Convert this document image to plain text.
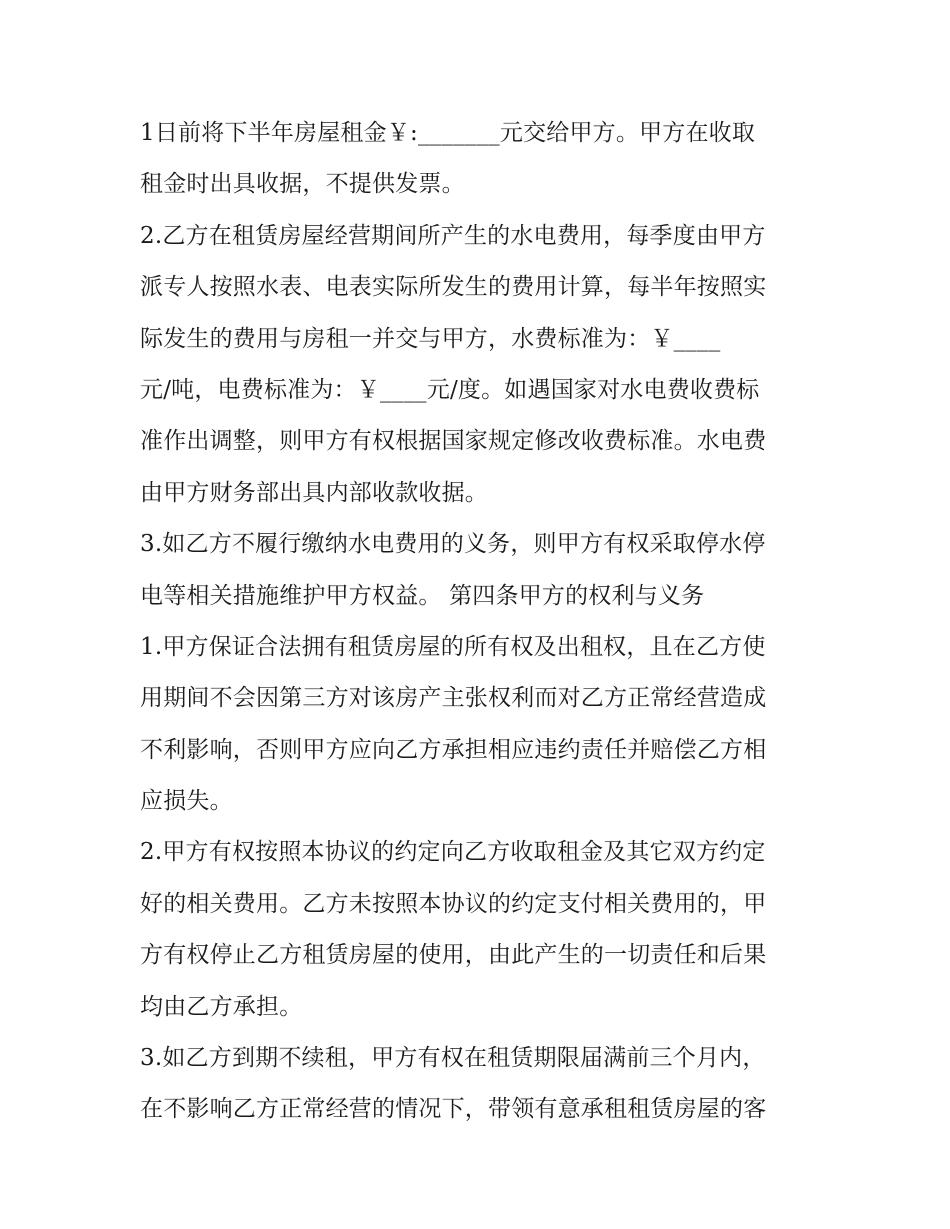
1日前将下半年房屋租金￥:_______元交给甲方。甲方在收取
租金时出具收据，不提供发票。
2.乙方在租赁房屋经营期间所产生的水电费用，每季度由甲方
派专人按照水表、电表实际所发生的费用计算，每半年按照实
际发生的费用与房租一并交与甲方，水费标准为：￥____
元/吨，电费标准为：￥____元/度。如遇国家对水电费收费标
准作出调整，则甲方有权根据国家规定修改收费标准。水电费
由甲方财务部出具内部收款收据。
3.如乙方不履行缴纳水电费用的义务，则甲方有权采取停水停
电等相关措施维护甲方权益。 第四条甲方的权利与义务
1.甲方保证合法拥有租赁房屋的所有权及出租权，且在乙方使
用期间不会因第三方对该房产主张权利而对乙方正常经营造成
不利影响，否则甲方应向乙方承担相应违约责任并赔偿乙方相
应损失。
2.甲方有权按照本协议的约定向乙方收取租金及其它双方约定
好的相关费用。乙方未按照本协议的约定支付相关费用的，甲
方有权停止乙方租赁房屋的使用，由此产生的一切责任和后果
均由乙方承担。
3.如乙方到期不续租，甲方有权在租赁期限届满前三个月内，
在不影响乙方正常经营的情况下，带领有意承租租赁房屋的客
